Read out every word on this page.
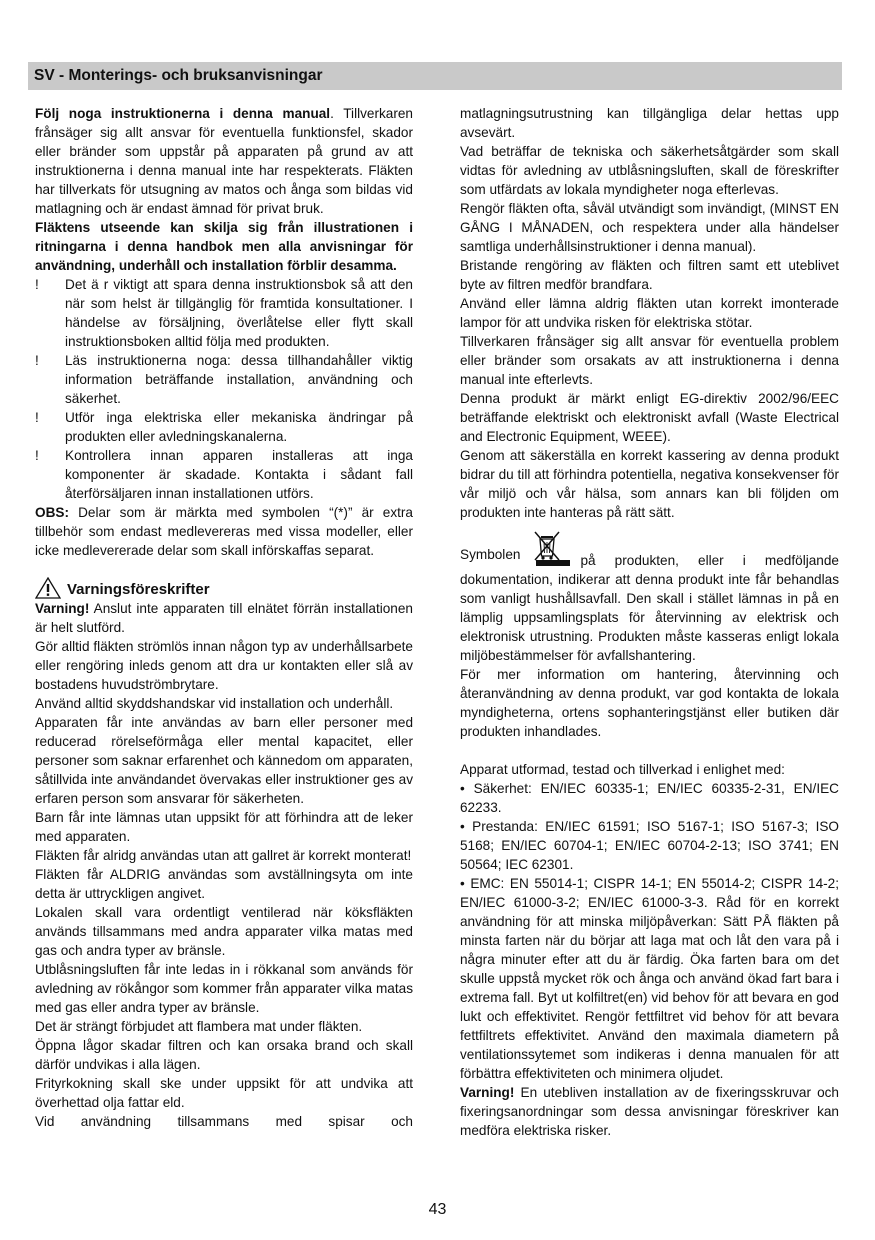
SV - Monterings- och bruksanvisningar

Följ noga instruktionerna i denna manual. Tillverkaren frånsäger sig allt ansvar för eventuella funktionsfel, skador eller bränder som uppstår på apparaten på grund av att instruktionerna i denna manual inte har respekterats. Fläkten har tillverkats för utsugning av matos och ånga som bildas vid matlagning och är endast ämnad för privat bruk.

Fläktens utseende kan skilja sig från illustrationen i ritningarna i denna handbok men alla anvisningar för användning, underhåll och installation förblir desamma.

!	Det ä r viktigt att spara denna instruktionsbok så att den när som helst är tillgänglig för framtida konsultationer. I händelse av försäljning, överlåtelse eller flytt skall instruktionsboken alltid följa med produkten.
!	Läs instruktionerna noga: dessa tillhandahåller viktig information beträffande installation, användning och säkerhet.
!	Utför inga elektriska eller mekaniska ändringar på produkten eller avledningskanalerna.
!	Kontrollera innan apparen installeras att inga komponenter är skadade. Kontakta i sådant fall återförsäljaren innan installationen utförs.

OBS: Delar som är märkta med symbolen “(*)” är extra tillbehör som endast medlevereras med vissa modeller, eller icke medlevererade delar som skall införskaffas separat.

Varningsföreskrifter

Varning! Anslut inte apparaten till elnätet förrän installationen är helt slutförd.

Gör alltid fläkten strömlös innan någon typ av underhållsarbete eller rengöring inleds genom att dra ur kontakten eller slå av bostadens huvudströmbrytare.

Använd alltid skyddshandskar vid installation och underhåll.

Apparaten får inte användas av barn eller personer med reducerad rörelseförmåga eller mental kapacitet, eller personer som saknar erfarenhet och kännedom om apparaten, såtillvida inte användandet övervakas eller instruktioner ges av erfaren person som ansvarar för säkerheten.

Barn får inte lämnas utan uppsikt för att förhindra att de leker med apparaten.

Fläkten får alridg användas utan att gallret är korrekt monterat!

Fläkten får ALDRIG användas som avställningsyta om inte detta är uttryckligen angivet.

Lokalen skall vara ordentligt ventilerad när köksfläkten används tillsammans med andra apparater vilka matas med gas och andra typer av bränsle.

Utblåsningsluften får inte ledas in i rökkanal som används för avledning av rökångor som kommer från apparater vilka matas med gas eller andra typer av bränsle.

Det är strängt förbjudet att flambera mat under fläkten.

Öppna lågor skadar filtren och kan orsaka brand och skall därför undvikas i alla lägen.

Frityrkokning skall ske under uppsikt för att undvika att överhettad olja fattar eld.

Vid användning tillsammans med spisar och

matlagningsutrustning kan tillgängliga delar hettas upp avsevärt.

Vad beträffar de tekniska och säkerhetsåtgärder som skall vidtas för avledning av utblåsningsluften, skall de föreskrifter som utfärdats av lokala myndigheter noga efterlevas.

Rengör fläkten ofta, såväl utvändigt som invändigt, (MINST EN GÅNG I MÅNADEN, och respektera under alla händelser samtliga underhållsinstruktioner i denna manual).

Bristande rengöring av fläkten och filtren samt ett uteblivet byte av filtren medför brandfara.

Använd eller lämna aldrig fläkten utan korrekt imonterade lampor för att undvika risken för elektriska stötar.

Tillverkaren frånsäger sig allt ansvar för eventuella problem eller bränder som orsakats av att instruktionerna i denna manual inte efterlevts.

Denna produkt är märkt enligt EG-direktiv 2002/96/EEC beträffande elektriskt och elektroniskt avfall (Waste Electrical and Electronic Equipment, WEEE).

Genom att säkerställa en korrekt kassering av denna produkt bidrar du till att förhindra potentiella, negativa konsekvenser för vår miljö och vår hälsa, som annars kan bli följden om produkten inte hanteras på rätt sätt.

Symbolen	på produkten, eller i medföljande

dokumentation, indikerar att denna produkt inte får behandlas som vanligt hushållsavfall. Den skall i stället lämnas in på en lämplig uppsamlingsplats för återvinning av elektrisk och elektronisk utrustning. Produkten måste kasseras enligt lokala miljöbestämmelser för avfallshantering.

För mer information om hantering, återvinning och återanvändning av denna produkt, var god kontakta de lokala myndigheterna, ortens sophanteringstjänst eller butiken där produkten inhandlades.

Apparat utformad, testad och tillverkad i enlighet med:

• Säkerhet: EN/IEC 60335-1; EN/IEC 60335-2-31, EN/IEC 62233.

• Prestanda: EN/IEC 61591; ISO 5167-1; ISO 5167-3; ISO 5168; EN/IEC 60704-1; EN/IEC 60704-2-13; ISO 3741; EN 50564; IEC 62301.

• EMC: EN 55014-1; CISPR 14-1; EN 55014-2; CISPR 14-2; EN/IEC 61000-3-2; EN/IEC 61000-3-3. Råd för en korrekt användning för att minska miljöpåverkan: Sätt PÅ fläkten på minsta farten när du börjar att laga mat och låt den vara på i några minuter efter att du är färdig. Öka farten bara om det skulle uppstå mycket rök och ånga och använd ökad fart bara i extrema fall. Byt ut kolfiltret(en) vid behov för att bevara en god lukt och effektivitet. Rengör fettfiltret vid behov för att bevara fettfiltrets effektivitet. Använd den maximala diametern på ventilationssytemet som indikeras i denna manualen för att förbättra effektiviteten och minimera oljudet.

Varning! En utebliven installation av de fixeringsskruvar och fixeringsanordningar som dessa anvisningar föreskriver kan medföra elektriska risker.

43
